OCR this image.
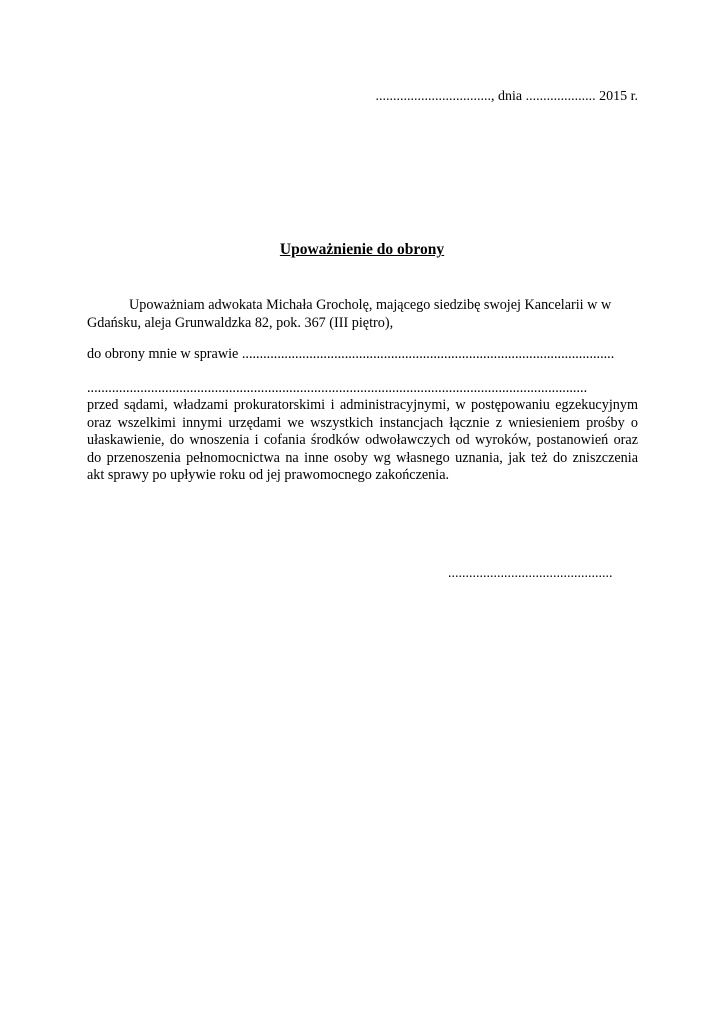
................................., dnia .................... 2015 r.
Upoważnienie do obrony
Upoważniam adwokata Michała Grocholę, mającego siedzibę swojej Kancelarii w w
Gdańsku, aleja Grunwaldzka 82, pok. 367 (III piętro),
do obrony mnie w sprawie .........................................................................................................
.............................................................................................................................................
przed sądami, władzami prokuratorskimi i administracyjnymi, w postępowaniu egzekucyjnym
oraz wszelkimi innymi urzędami we wszystkich instancjach łącznie z wniesieniem prośby o
ułaskawienie, do wnoszenia i cofania środków odwoławczych od wyroków, postanowień oraz
do przenoszenia pełnomocnictwa na inne osoby wg własnego uznania, jak też do zniszczenia
akt sprawy po upływie roku od jej prawomocnego zakończenia.
...............................................
